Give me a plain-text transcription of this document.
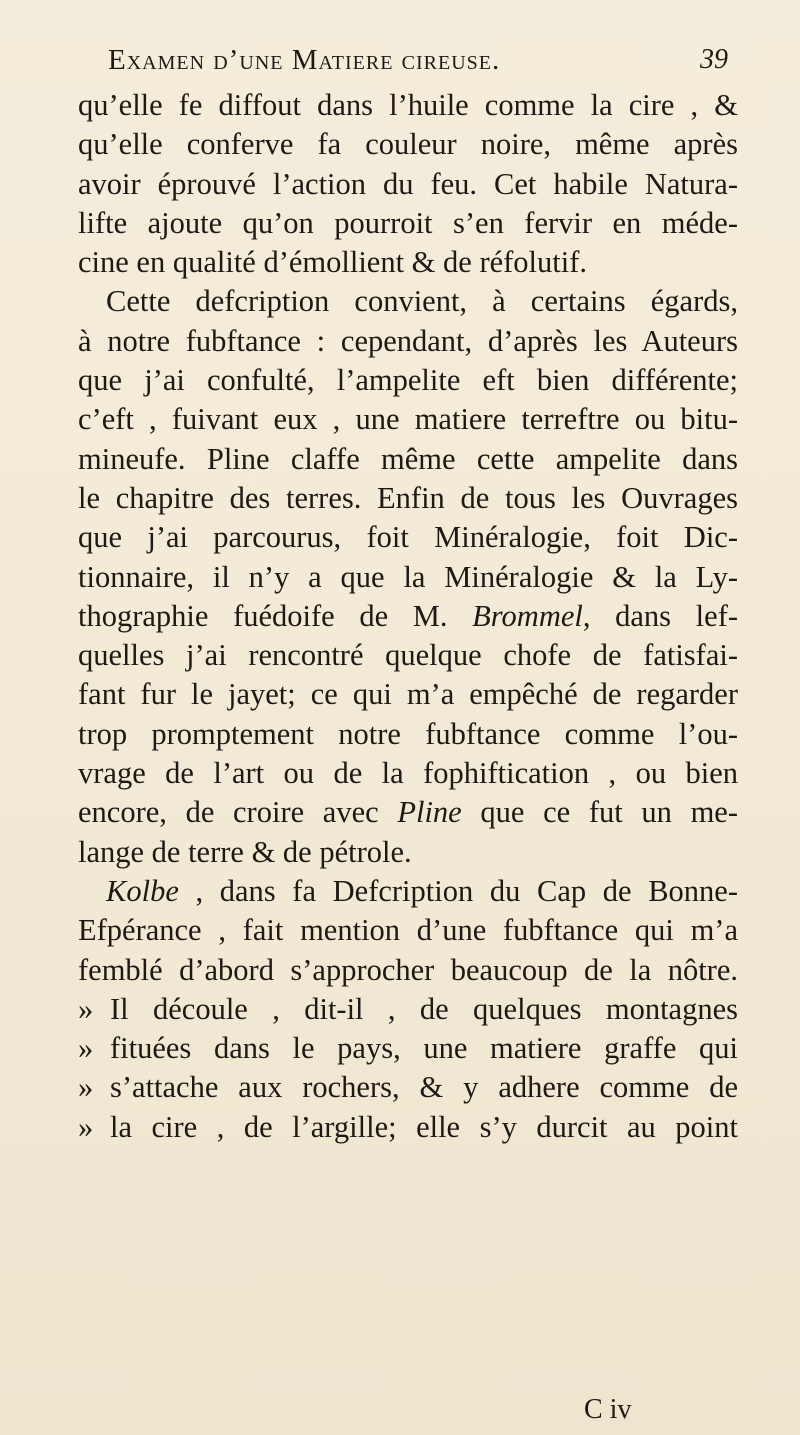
Examen d’une Matiere cireuse.	39
qu’elle fe diffout dans l’huile comme la cire , &
qu’elle conferve fa couleur noire, même après
avoir éprouvé l’action du feu. Cet habile Natura-
lifte ajoute qu’on pourroit s’en fervir en méde-
cine en qualité d’émollient & de réfolutif.
Cette defcription convient, à certains égards,
à notre fubftance : cependant, d’après les Auteurs
que j’ai confulté, l’ampelite eft bien différente;
c’eft , fuivant eux , une matiere terreftre ou bitu-
mineufe. Pline claffe même cette ampelite dans
le chapitre des terres. Enfin de tous les Ouvrages
que j’ai parcourus, foit Minéralogie, foit Dic-
tionnaire, il n’y a que la Minéralogie & la Ly-
thographie fuédoife de M. Brommel, dans lef-
quelles j’ai rencontré quelque chofe de fatisfai-
fant fur le jayet; ce qui m’a empêché de regarder
trop promptement notre fubftance comme l’ou-
vrage de l’art ou de la fophiftication , ou bien
encore, de croire avec Pline que ce fut un me-
lange de terre & de pétrole.
Kolbe , dans fa Defcription du Cap de Bonne-
Efpérance , fait mention d’une fubftance qui m’a
femblé d’abord s’approcher beaucoup de la nôtre.
» Il découle , dit-il , de quelques montagnes
» fituées dans le pays, une matiere graffe qui
» s’attache aux rochers, & y adhere comme de
» la cire , de l’argille; elle s’y durcit au point
C iv
